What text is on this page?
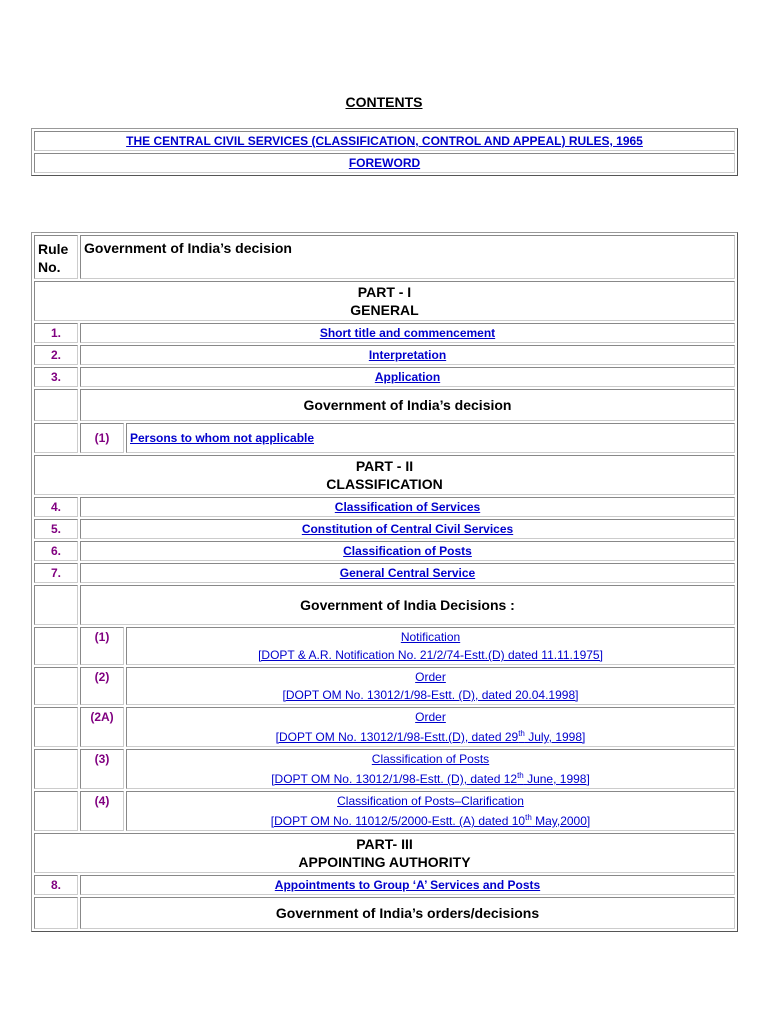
CONTENTS
THE CENTRAL CIVIL SERVICES (CLASSIFICATION, CONTROL AND APPEAL) RULES, 1965
FOREWORD
Rule
No.	Government of India’s decision	
PART - I
GENERAL		
1.	Short title and commencement	
2.	Interpretation	
3.	Application	
	Government of India’s decision	
	(1)	Persons to whom not applicable
PART - II
CLASSIFICATION		
4.	Classification of Services	
5.	Constitution of Central Civil Services	
6.	Classification of Posts	
7.	General Central Service	
	Government of India Decisions :	
	(1)	Notification
[DOPT & A.R. Notification No. 21/2/74-Estt.(D) dated 11.11.1975]
	(2)	Order
[DOPT OM No. 13012/1/98-Estt. (D), dated 20.04.1998]
	(2A)	Order
[DOPT OM No. 13012/1/98-Estt.(D), dated 29th July, 1998]
	(3)	Classification of Posts
[DOPT OM No. 13012/1/98-Estt. (D), dated 12th June, 1998]
	(4)	Classification of Posts–Clarification
[DOPT OM No. 11012/5/2000-Estt. (A) dated 10th May,2000]
PART- III
APPOINTING AUTHORITY		
8.	Appointments to Group ‘A’ Services and Posts	
	Government of India’s orders/decisions	
